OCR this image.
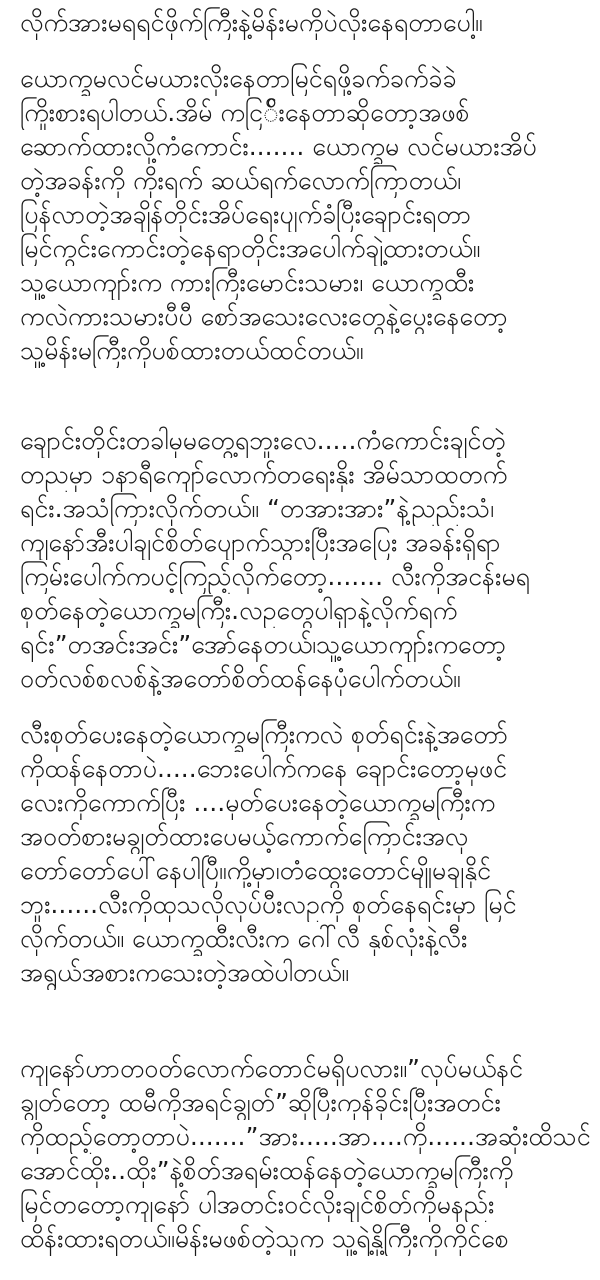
လိုက်အားမရရင်ဖိုက်ကြီးနဲ့မိန်းမကိုပဲလိုးနေရတာပေါ့။
ယောက္ခမလင်မယားလိုးနေတာမြင်ရဖို့ခက်ခက်ခဲခဲ
ကြိုးစားရပါတယ်.အိမ် ကငြ်ိးနေတာဆိုတော့အဖစ်
ဆောက်ထားလို့ကံကောင်း....... ယောက္ခမ လင်မယားအိပ်
တဲ့အခန်းကို ကိုးရက် ဆယ်ရက်လောက်ကြာတယ်၊
ပြန်လာတဲ့အချိန်တိုင်းအိပ်ရေးပျက်ခံပြီးချောင်းရတာ
မြင်ကွင်းကောင်းတဲ့နေရာတိုင်းအပေါက်ချဲ့ထားတယ်။
သူ့ယောကျာ်းက ကားကြီးမောင်းသမား၊ ယောက္ခထီး
ကလဲကားသမားပီပီ စော်အသေးလေးတွေနဲ့ပွေးနေတော့
သူ့မိန်းမကြီးကိုပစ်ထားတယ်ထင်တယ်။
ချောင်းတိုင်းတခါမှမတွေ့ရဘူးလေ.....ကံကောင်းချင်တဲ့
တညမှာ ၁နာရီကျော်လောက်တရေးနိုး အိမ်သာထတက်
ရင်း.အသံကြားလိုက်တယ်။ “တအားအား”နဲ့ညည်းသံ၊
ကျနော်အီးပါချင်စိတ်ပျောက်သွားပြီးအပြေး အခန်းရှိရာ
ကြမ်းပေါက်ကပင့်ကြည့်လိုက်တော့....... လီးကိုအငန်းမရ
စုတ်နေတဲ့ယောက္ခမကြီး.လဥတွေပါရှာနဲ့လိုက်ရက်
ရင်း”တအင်းအင်း”အော်နေတယ်၊သူ့ယောကျာ်းကတော့
ဝတ်လစ်စလစ်နဲ့အတော်စိတ်ထန်နေပုံပေါက်တယ်။
လီးစုတ်ပေးနေတဲ့ယောက္ခမကြီးကလဲ စုတ်ရင်းနဲ့အတော်
ကိုထန်နေတာပဲ.....ဘေးပေါက်ကနေ ချောင်းတော့မှဖင်
လေးကိုကောက်ပြီး ....မုတ်ပေးနေတဲ့ယောက္ခမကြီးက
အဝတ်စားမချွတ်ထားပေမယ့်ကောက်ကြောင်းအလှ
တော်တော်ပေါ်နေပါပြီ။ကို့မှာ၊တံထွေးတောင်မျိုမချနိုင်
ဘူး......လီးကိုထုသလိုလုပ်ပီးလဥကို စုတ်နေရင်းမှာ မြင်
လိုက်တယ်။ ယောက္ခထီးလီးက ဂေါ်လီ နှစ်လုံးနဲ့လီး
အရွယ်အစားကသေးတဲ့အထဲပါတယ်။
ကျနော်ဟာတဝတ်လောက်တောင်မရှိပလား။”လုပ်မယ်နင်
ချွတ်တော့ ထမီကိုအရင်ချွတ်”ဆိုပြီးကုန်ခိုင်းပြီးအတင်း
ကိုထည့်တော့တာပဲ.......”အား.....အာ....ကို......အဆုံးထိသင်
အောင်ထိုး..ထိုး”နဲ့စိတ်အရမ်းထန်နေတဲ့ယောက္ခမကြီးကို
မြင်တတော့ကျနော် ပါအတင်းဝင်လိုးချင်စိတ်ကိုမနည်း
ထိန်းထားရတယ်။မိန်းမဖစ်တဲ့သူက သူ့ရဲ့နို့ကြီးကိုကိုင်စေ
